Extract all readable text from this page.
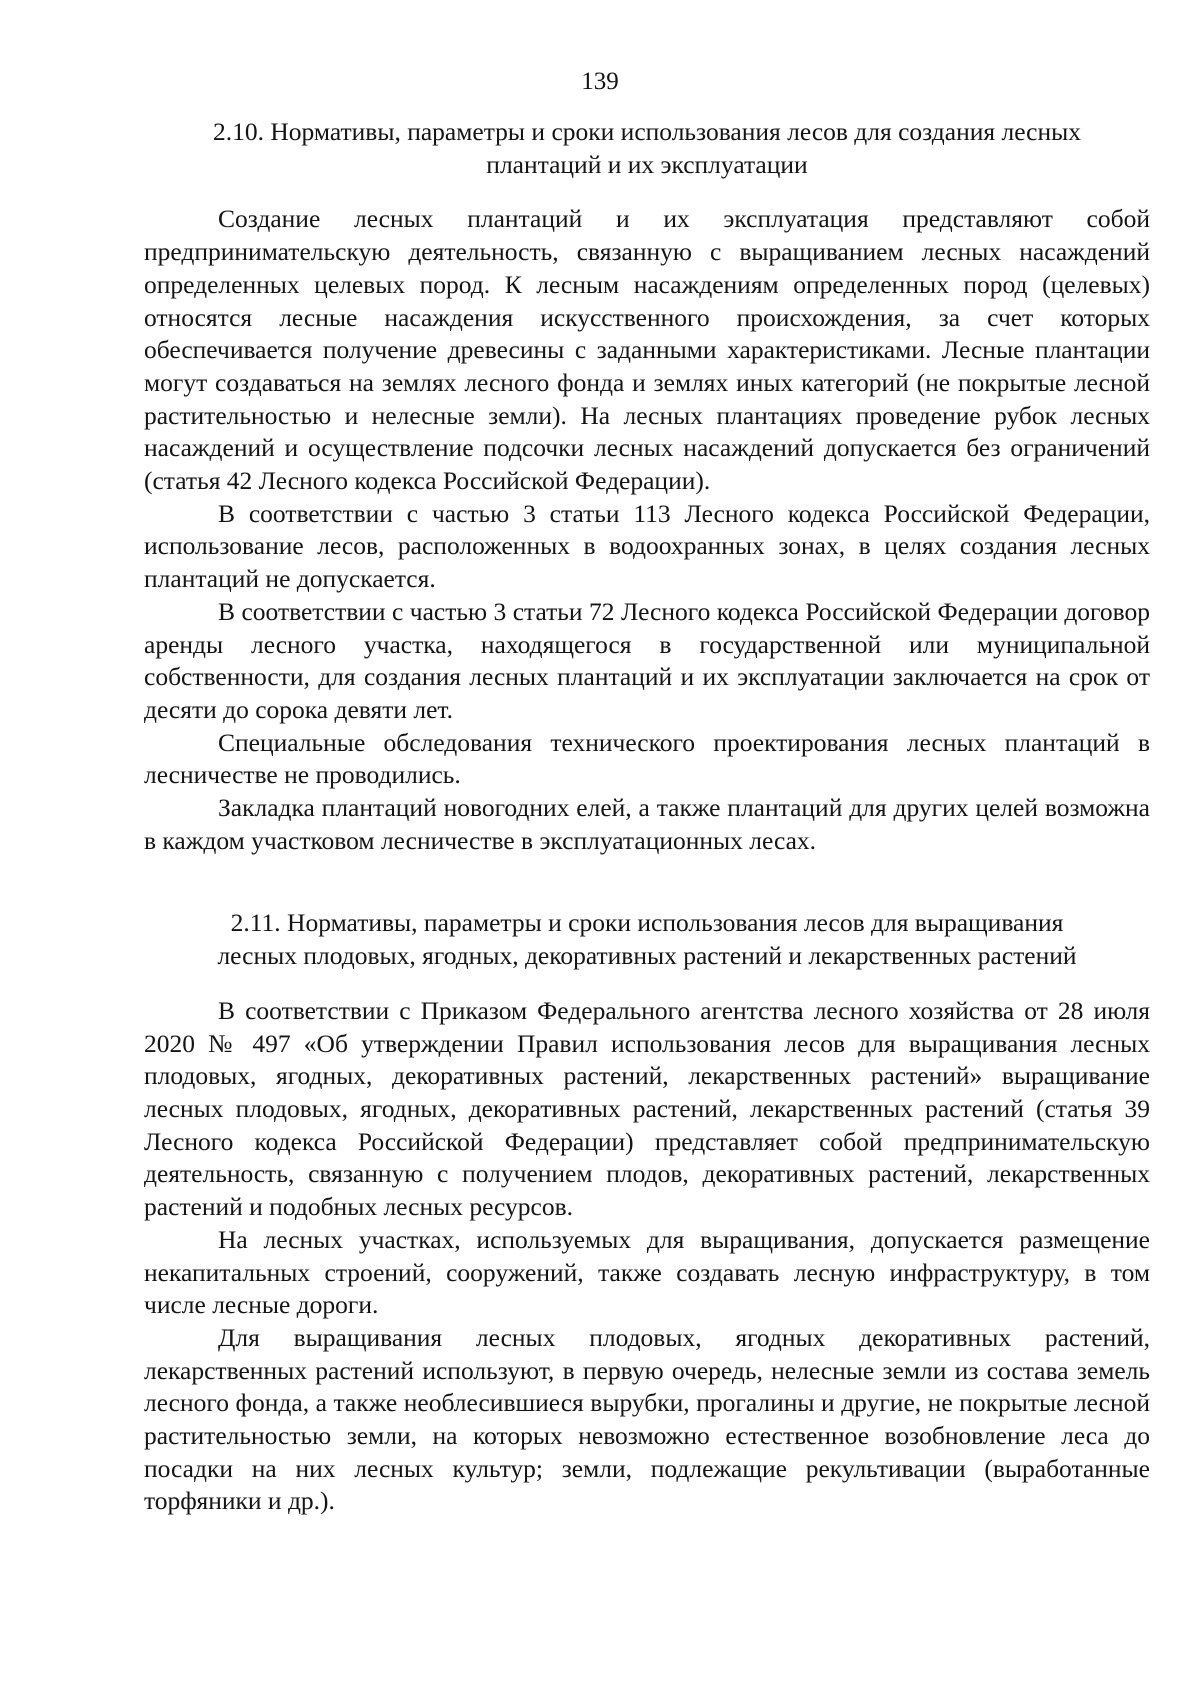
139
2.10. Нормативы, параметры и сроки использования лесов для создания лесных
плантаций и их эксплуатации

Создание лесных плантаций и их эксплуатация представляют собой предпринимательскую деятельность, связанную с выращиванием лесных насаждений определенных целевых пород. К лесным насаждениям определенных пород (целевых) относятся лесные насаждения искусственного происхождения, за счет которых обеспечивается получение древесины с заданными характеристиками. Лесные плантации могут создаваться на землях лесного фонда и землях иных категорий (не покрытые лесной растительностью и нелесные земли). На лесных плантациях проведение рубок лесных насаждений и осуществление подсочки лесных насаждений допускается без ограничений (статья 42 Лесного кодекса Российской Федерации).

В соответствии с частью 3 статьи 113 Лесного кодекса Российской Федерации, использование лесов, расположенных в водоохранных зонах, в целях создания лесных плантаций не допускается.

В соответствии с частью 3 статьи 72 Лесного кодекса Российской Федерации договор аренды лесного участка, находящегося в государственной или муниципальной собственности, для создания лесных плантаций и их эксплуатации заключается на срок от десяти до сорока девяти лет.

Специальные обследования технического проектирования лесных плантаций в лесничестве не проводились.

Закладка плантаций новогодних елей, а также плантаций для других целей возможна в каждом участковом лесничестве в эксплуатационных лесах.

2.11. Нормативы, параметры и сроки использования лесов для выращивания
лесных плодовых, ягодных, декоративных растений и лекарственных растений

В соответствии с Приказом Федерального агентства лесного хозяйства от 28 июля 2020 № 497 «Об утверждении Правил использования лесов для выращивания лесных плодовых, ягодных, декоративных растений, лекарственных растений» выращивание лесных плодовых, ягодных, декоративных растений, лекарственных растений (статья 39 Лесного кодекса Российской Федерации) представляет собой предпринимательскую деятельность, связанную с получением плодов, декоративных растений, лекарственных растений и подобных лесных ресурсов.

На лесных участках, используемых для выращивания, допускается размещение некапитальных строений, сооружений, также создавать лесную инфраструктуру, в том числе лесные дороги.

Для выращивания лесных плодовых, ягодных декоративных растений, лекарственных растений используют, в первую очередь, нелесные земли из состава земель лесного фонда, а также необлесившиеся вырубки, прогалины и другие, не покрытые лесной растительностью земли, на которых невозможно естественное возобновление леса до посадки на них лесных культур; земли, подлежащие рекультивации (выработанные торфяники и др.).
